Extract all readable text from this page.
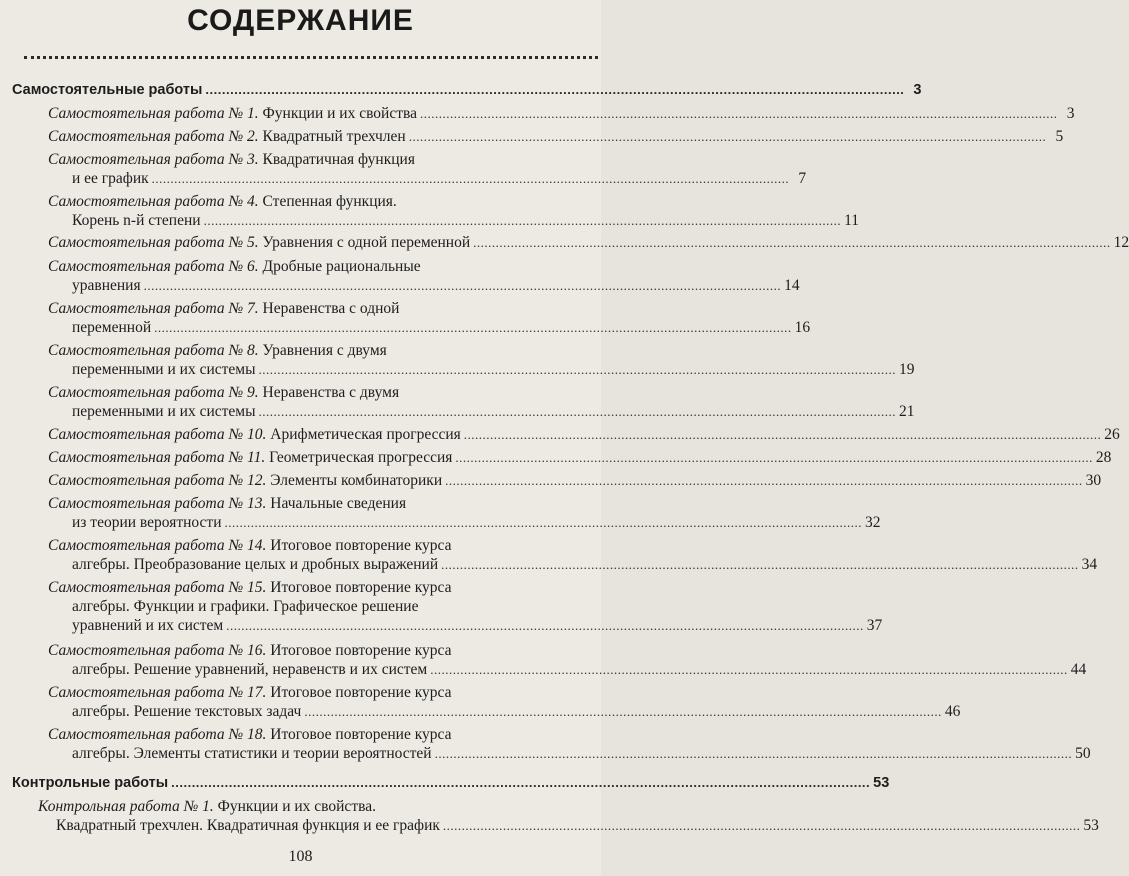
СОДЕРЖАНИЕ
Самостоятельные работы .....	3
Самостоятельная работа № 1. Функции и их свойства .....	3
Самостоятельная работа № 2. Квадратный трехчлен .....	5
Самостоятельная работа № 3. Квадратичная функция
и ее график .....	7
Самостоятельная работа № 4. Степенная функция.
Корень n-й степени .....	11
Самостоятельная работа № 5. Уравнения с одной переменной .....	12
Самостоятельная работа № 6. Дробные рациональные
уравнения .....	14
Самостоятельная работа № 7. Неравенства с одной
переменной .....	16
Самостоятельная работа № 8. Уравнения с двумя
переменными и их системы .....	19
Самостоятельная работа № 9. Неравенства с двумя
переменными и их системы .....	21
Самостоятельная работа № 10. Арифметическая прогрессия .....	26
Самостоятельная работа № 11. Геометрическая прогрессия .....	28
Самостоятельная работа № 12. Элементы комбинаторики .....	30
Самостоятельная работа № 13. Начальные сведения
из теории вероятности .....	32
Самостоятельная работа № 14. Итоговое повторение курса
алгебры. Преобразование целых и дробных выражений .....	34
Самостоятельная работа № 15. Итоговое повторение курса
алгебры. Функции и графики. Графическое решение
уравнений и их систем .....	37
Самостоятельная работа № 16. Итоговое повторение курса
алгебры. Решение уравнений, неравенств и их систем .....	44
Самостоятельная работа № 17. Итоговое повторение курса
алгебры. Решение текстовых задач .....	46
Самостоятельная работа № 18. Итоговое повторение курса
алгебры. Элементы статистики и теории вероятностей .....	50
Контрольные работы .....	53
Контрольная работа № 1. Функции и их свойства.
Квадратный трехчлен. Квадратичная функция и ее график .....	53
108
